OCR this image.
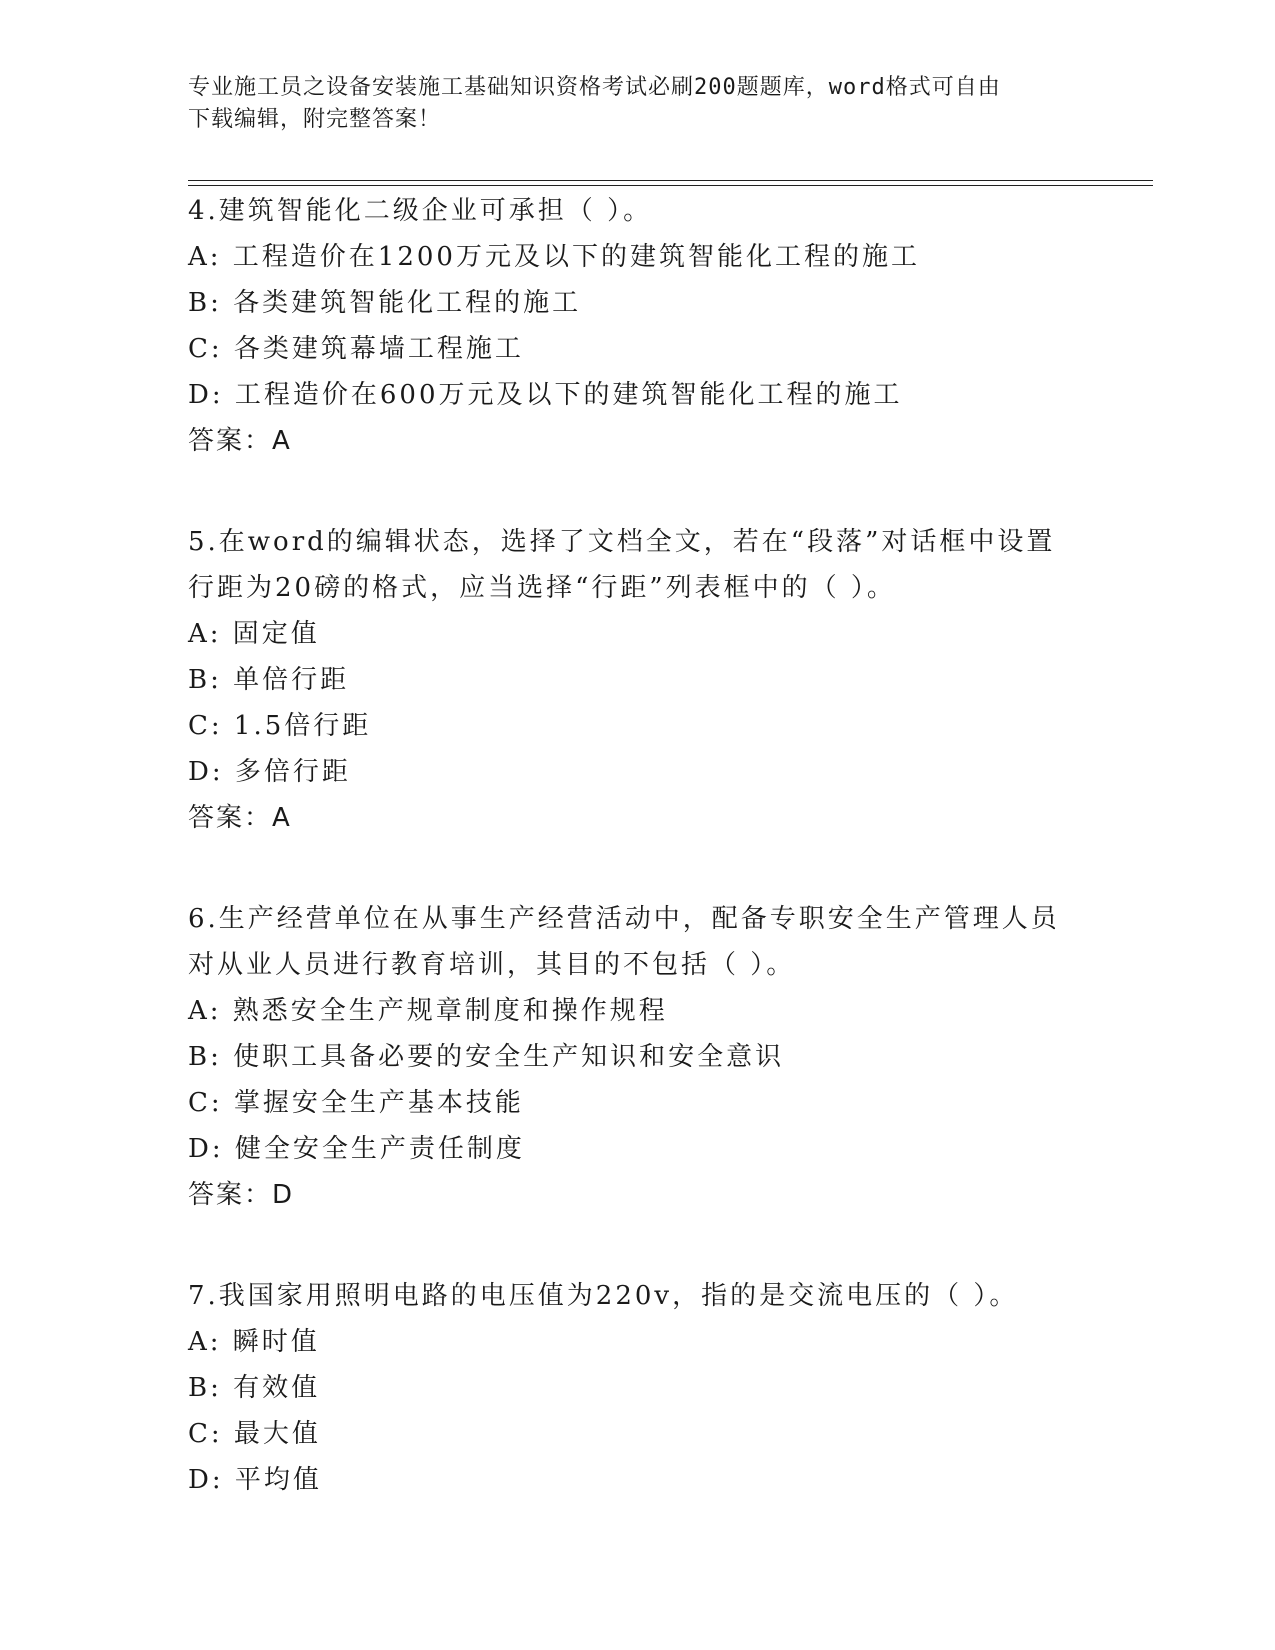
专业施工员之设备安装施工基础知识资格考试必刷200题题库，word格式可自由
下载编辑，附完整答案！
4.建筑智能化二级企业可承担（ ）。
A: 工程造价在1200万元及以下的建筑智能化工程的施工
B: 各类建筑智能化工程的施工
C: 各类建筑幕墙工程施工
D: 工程造价在600万元及以下的建筑智能化工程的施工
答案：A
5.在word的编辑状态，选择了文档全文，若在“段落”对话框中设置
行距为20磅的格式，应当选择“行距”列表框中的（ ）。
A: 固定值
B: 单倍行距
C: 1.5倍行距
D: 多倍行距
答案：A
6.生产经营单位在从事生产经营活动中，配备专职安全生产管理人员
对从业人员进行教育培训，其目的不包括（ ）。
A: 熟悉安全生产规章制度和操作规程
B: 使职工具备必要的安全生产知识和安全意识
C: 掌握安全生产基本技能
D: 健全安全生产责任制度
答案：D
7.我国家用照明电路的电压值为220v，指的是交流电压的（ ）。
A: 瞬时值
B: 有效值
C: 最大值
D: 平均值
